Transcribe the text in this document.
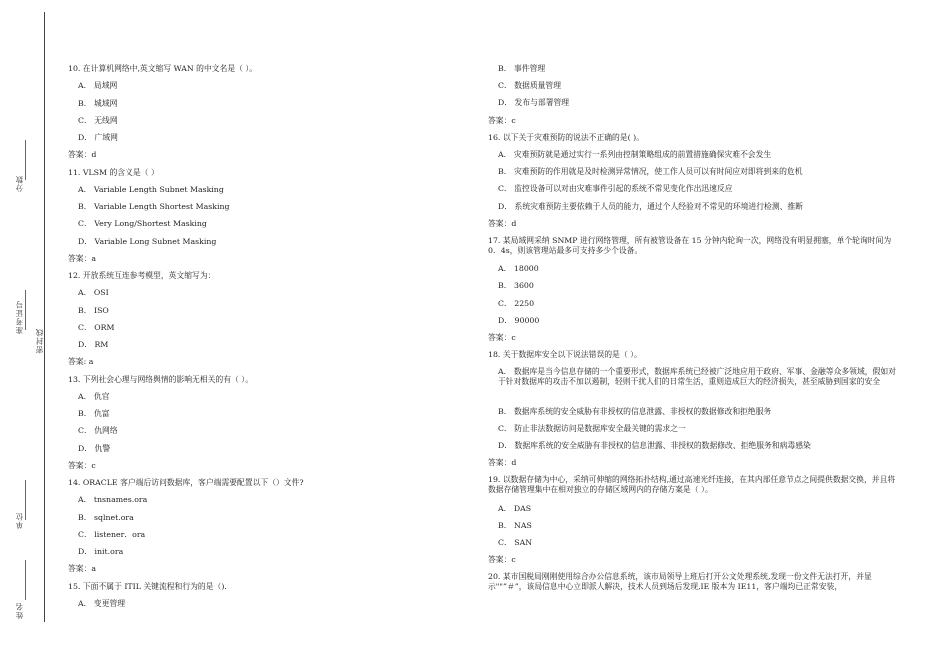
分数
准考证号
密封线
单位
姓名
10. 在计算机网络中,英文缩写 WAN 的中文名是（ ）。
A． 局域网
B． 城域网
C． 无线网
D． 广域网
答案：d
11. VLSM 的含义是（ ）
A． Variable Length Subnet Masking
B． Variable Length Shortest Masking
C． Very Long/Shortest Masking
D． Variable Long Subnet Masking
答案：a
12. 开放系统互连参考模型，英文缩写为：
A． OSI
B． ISO
C． ORM
D． RM
答案: a
13. 下列社会心理与网络舆情的影响无相关的有（ ）。
A． 仇官
B． 仇富
C． 仇网络
D． 仇警
答案：c
14. ORACLE 客户端后访问数据库，客户端需要配置以下（）文件?
A． tnsnames.ora
B． sqlnet.ora
C． listener．ora
D． init.ora
答案：a
15. 下面不属于 ITIL 关键流程和行为的是（).
A． 变更管理
B． 事件管理
C． 数据质量管理
D． 发布与部署管理
答案：c
16. 以下关于灾难预防的说法不正确的是( )。
A． 灾难预防就是通过实行一系列由控制策略组成的前置措施确保灾难不会发生
B． 灾难预防的作用就是及时检测异常情况，使工作人员可以有时间应对即将到来的危机
C． 监控设备可以对由灾难事件引起的系统不常见变化作出迅速反应
D． 系统灾难预防主要依赖于人员的能力，通过个人经验对不常见的环境进行检测、推断
答案：d
17. 某局域网采纳 SNMP 进行网络管理，所有被管设备在 15 分钟内轮询一次，网络没有明显拥塞，单个轮询时间为 0．4s，则该管理站最多可支持多少个设备。
A． 18000
B． 3600
C． 2250
D． 90000
答案：c
18. 关于数据库安全以下说法错误的是（ ）。
A． 数据库是当今信息存储的一个重要形式，数据库系统已经被广泛地应用于政府、军事、金融等众多领域，假如对于针对数据库的攻击不加以遏制，轻则干扰人们的日常生活，重则造成巨大的经济损失，甚至威胁到国家的安全
B． 数据库系统的安全威胁有非授权的信息泄露、非授权的数据修改和拒绝服务
C． 防止非法数据访问是数据库安全最关键的需求之一
D． 数据库系统的安全威胁有非授权的信息泄露、非授权的数据修改、拒绝服务和病毒感染
答案：d
19. 以数据存储为中心，采纳可伸缩的网络拓扑结构,通过高速光纤连接，在其内部任意节点之间提供数据交换，并且将数据存储管理集中在相对独立的存储区域网内的存储方案是（ ）。
A． DAS
B． NAS
C． SAN
答案：c
20. 某市国税局刚刚使用综合办公信息系统，该市局领导上班后打开公文处理系统,发现一份文件无法打开，并显示""”＃”，该局信息中心立即派人解决，技术人员到场后发现,IE 版本为 IE11，客户端均已正常安装，
